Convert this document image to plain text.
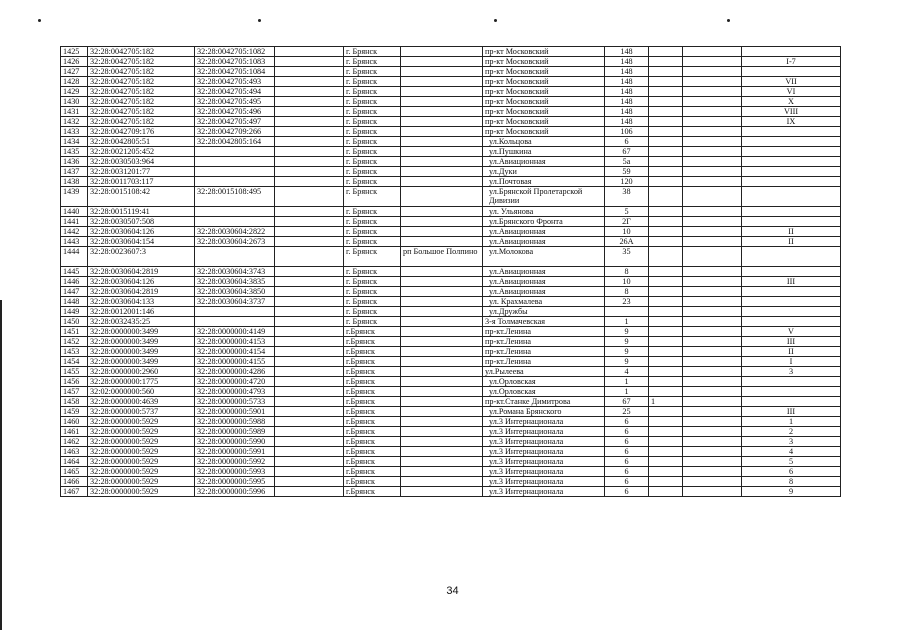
1425	32:28:0042705:182	32:28:0042705:1082		г. Брянск		пр-кт Московский	148			
1426	32:28:0042705:182	32:28:0042705:1083		г. Брянск		пр-кт Московский	148			I-7
1427	32:28:0042705:182	32:28:0042705:1084		г. Брянск		пр-кт Московский	148			
1428	32:28:0042705:182	32:28:0042705:493		г. Брянск		пр-кт Московский	148			VII
1429	32:28:0042705:182	32:28:0042705:494		г. Брянск		пр-кт Московский	148			VI
1430	32:28:0042705:182	32:28:0042705:495		г. Брянск		пр-кт Московский	148			X
1431	32:28:0042705:182	32:28:0042705:496		г. Брянск		пр-кт Московский	148			VIII
1432	32:28:0042705:182	32:28:0042705:497		г. Брянск		пр-кт Московский	148			IX
1433	32:28:0042709:176	32:28:0042709:266		г. Брянск		пр-кт Московский	106			
1434	32:28:0042805:51	32:28:0042805:164		г. Брянск		ул.Кольцова	6			
1435	32:28:0021205:452			г. Брянск		ул.Пушкина	67			
1436	32:28:0030503:964			г. Брянск		ул.Авиационная	5а			
1437	32:28:0031201:77			г. Брянск		ул.Дуки	59			
1438	32:28:0011703:117			г. Брянск		ул.Почтовая	120			
1439	32:28:0015108:42	32:28:0015108:495		г. Брянск		ул.Брянской Пролетарской Дивизии	38			
1440	32:28:0015119:41			г. Брянск		ул. Ульянова	5			
1441	32:28:0030507:508			г. Брянск		ул.Брянского Фронта	2Г			
1442	32:28:0030604:126	32:28:0030604:2822		г. Брянск		ул.Авиационная	10			II
1443	32:28:0030604:154	32:28:0030604:2673		г. Брянск		ул.Авиационная	26А			II
1444	32:28:0023607:3			г. Брянск	рп Большое Полпино	ул.Молокова	35			
1445	32:28:0030604:2819	32:28:0030604:3743		г. Брянск		ул.Авиационная	8			
1446	32:28:0030604:126	32:28:0030604:3835		г. Брянск		ул.Авиационная	10			III
1447	32:28:0030604:2819	32:28:0030604:3850		г. Брянск		ул.Авиационная	8			
1448	32:28:0030604:133	32:28:0030604:3737		г. Брянск		ул. Крахмалева	23			
1449	32:28:0012001:146			г. Брянск		ул.Дружбы				
1450	32:28:0032435:25			г. Брянск		3-я Толмачевская	1			
1451	32:28:0000000:3499	32:28:0000000:4149		г.Брянск		пр-кт.Ленина	9			V
1452	32:28:0000000:3499	32:28:0000000:4153		г.Брянск		пр-кт.Ленина	9			III
1453	32:28:0000000:3499	32:28:0000000:4154		г.Брянск		пр-кт.Ленина	9			II
1454	32:28:0000000:3499	32:28:0000000:4155		г.Брянск		пр-кт.Ленина	9			I
1455	32:28:0000000:2960	32:28:0000000:4286		г.Брянск		ул.Рылеева	4			3
1456	32:28:0000000:1775	32:28:0000000:4720		г.Брянск		ул.Орловская	1			
1457	32:02:0000000:560	32:28:0000000:4793		г.Брянск		ул.Орловская	1			
1458	32:28:0000000:4639	32:28:0000000:5733		г.Брянск		пр-кт.Станке Димитрова	67	1		
1459	32:28:0000000:5737	32:28:0000000:5901		г.Брянск		ул.Романа Брянского	25			III
1460	32:28:0000000:5929	32:28:0000000:5988		г.Брянск		ул.3 Интернационала	6			1
1461	32:28:0000000:5929	32:28:0000000:5989		г.Брянск		ул.3 Интернационала	6			2
1462	32:28:0000000:5929	32:28:0000000:5990		г.Брянск		ул.3 Интернационала	6			3
1463	32:28:0000000:5929	32:28:0000000:5991		г.Брянск		ул.3 Интернационала	6			4
1464	32:28:0000000:5929	32:28:0000000:5992		г.Брянск		ул.3 Интернационала	6			5
1465	32:28:0000000:5929	32:28:0000000:5993		г.Брянск		ул.3 Интернационала	6			6
1466	32:28:0000000:5929	32:28:0000000:5995		г.Брянск		ул.3 Интернационала	6			8
1467	32:28:0000000:5929	32:28:0000000:5996		г.Брянск		ул.3 Интернационала	6			9
34
